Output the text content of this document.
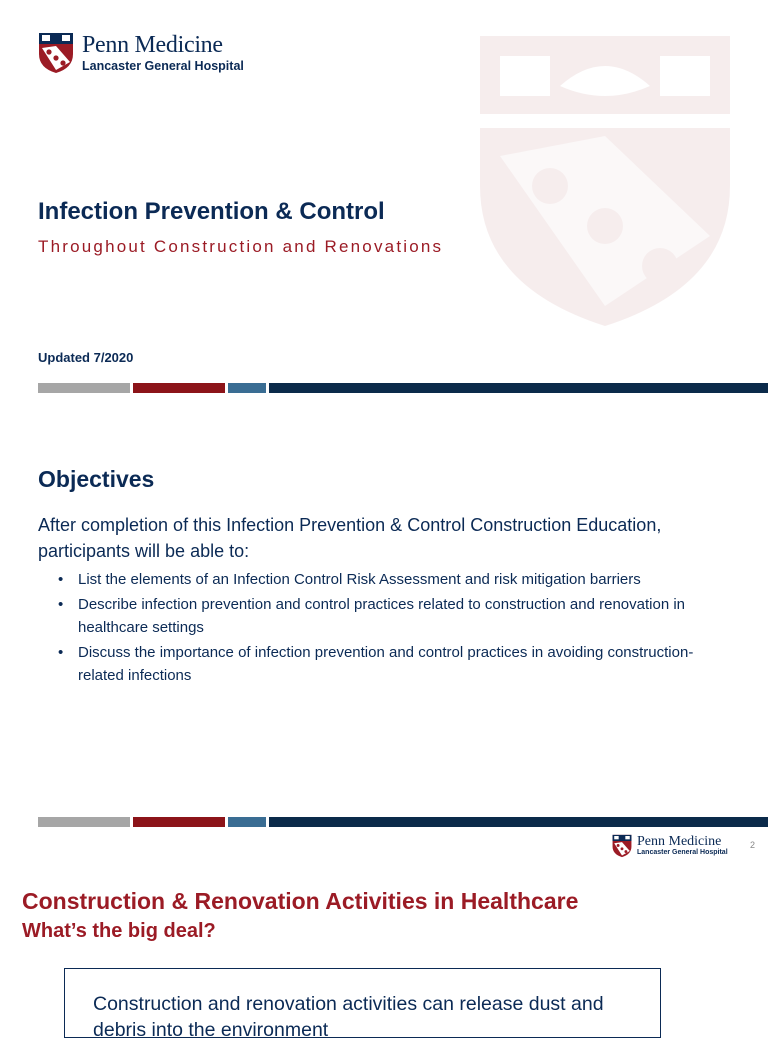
Penn Medicine
Lancaster General Hospital
Infection Prevention & Control
Throughout Construction and Renovations
Updated 7/2020
Objectives
After completion of this Infection Prevention & Control Construction Education, participants will be able to:
• List the elements of an Infection Control Risk Assessment and risk mitigation barriers
• Describe infection prevention and control practices related to construction and renovation in healthcare settings
• Discuss the importance of infection prevention and control practices in avoiding construction-related infections
Penn Medicine
Lancaster General Hospital
2
Construction & Renovation Activities in Healthcare
What’s the big deal?

Construction and renovation activities can release dust and debris into the environment
